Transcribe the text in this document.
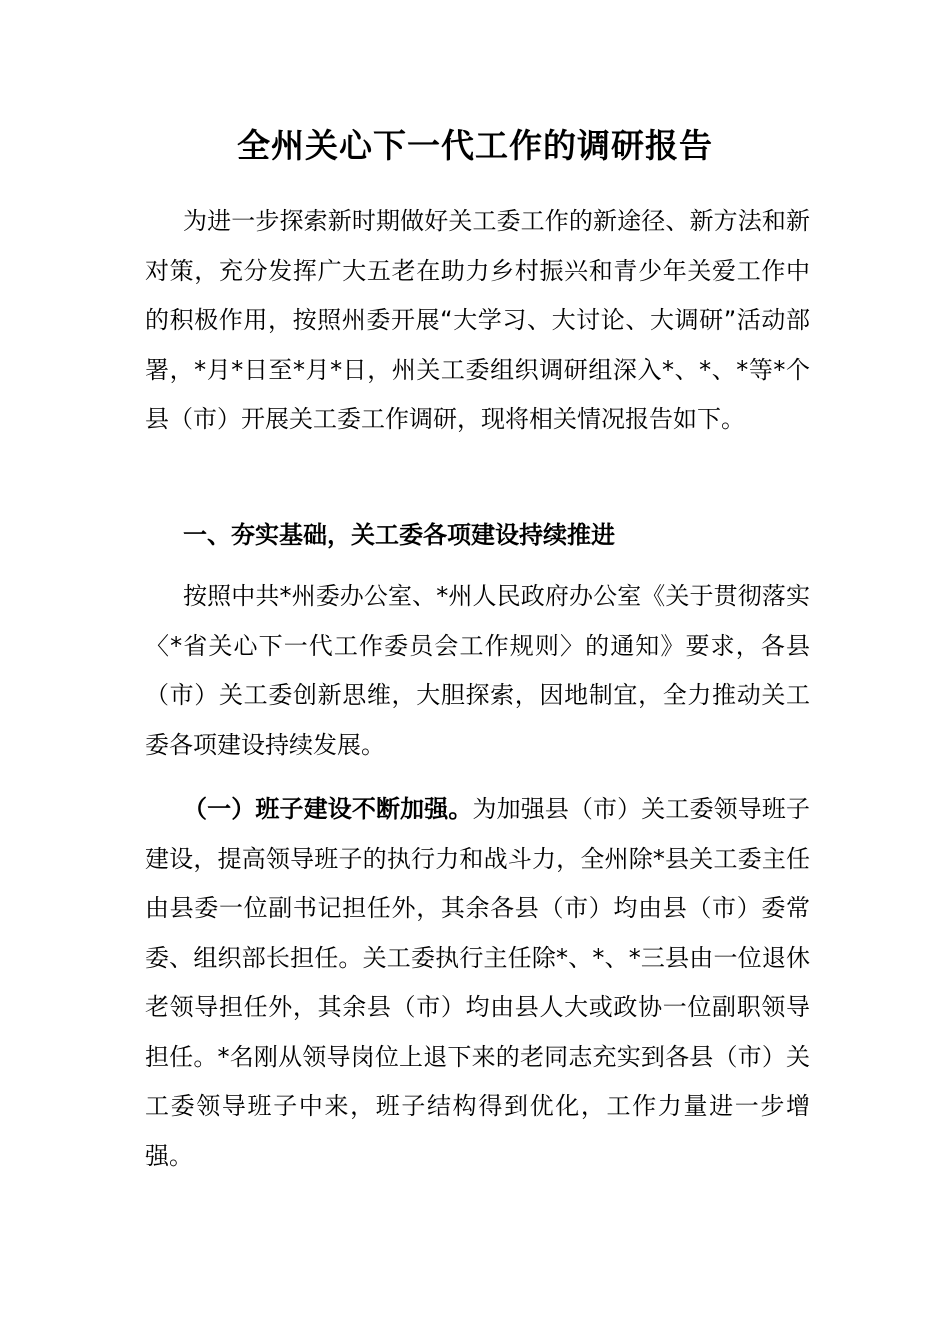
全州关心下一代工作的调研报告

为进一步探索新时期做好关工委工作的新途径、新方法和新对策，充分发挥广大五老在助力乡村振兴和青少年关爱工作中的积极作用，按照州委开展“大学习、大讨论、大调研”活动部署，*月*日至*月*日，州关工委组织调研组深入*、*、*等*个县（市）开展关工委工作调研，现将相关情况报告如下。

一、夯实基础，关工委各项建设持续推进

按照中共*州委办公室、*州人民政府办公室《关于贯彻落实〈*省关心下一代工作委员会工作规则〉的通知》要求，各县（市）关工委创新思维，大胆探索，因地制宜，全力推动关工委各项建设持续发展。

（一）班子建设不断加强。为加强县（市）关工委领导班子建设，提高领导班子的执行力和战斗力，全州除*县关工委主任由县委一位副书记担任外，其余各县（市）均由县（市）委常委、组织部长担任。关工委执行主任除*、*、*三县由一位退休老领导担任外，其余县（市）均由县人大或政协一位副职领导担任。*名刚从领导岗位上退下来的老同志充实到各县（市）关工委领导班子中来，班子结构得到优化，工作力量进一步增强。
